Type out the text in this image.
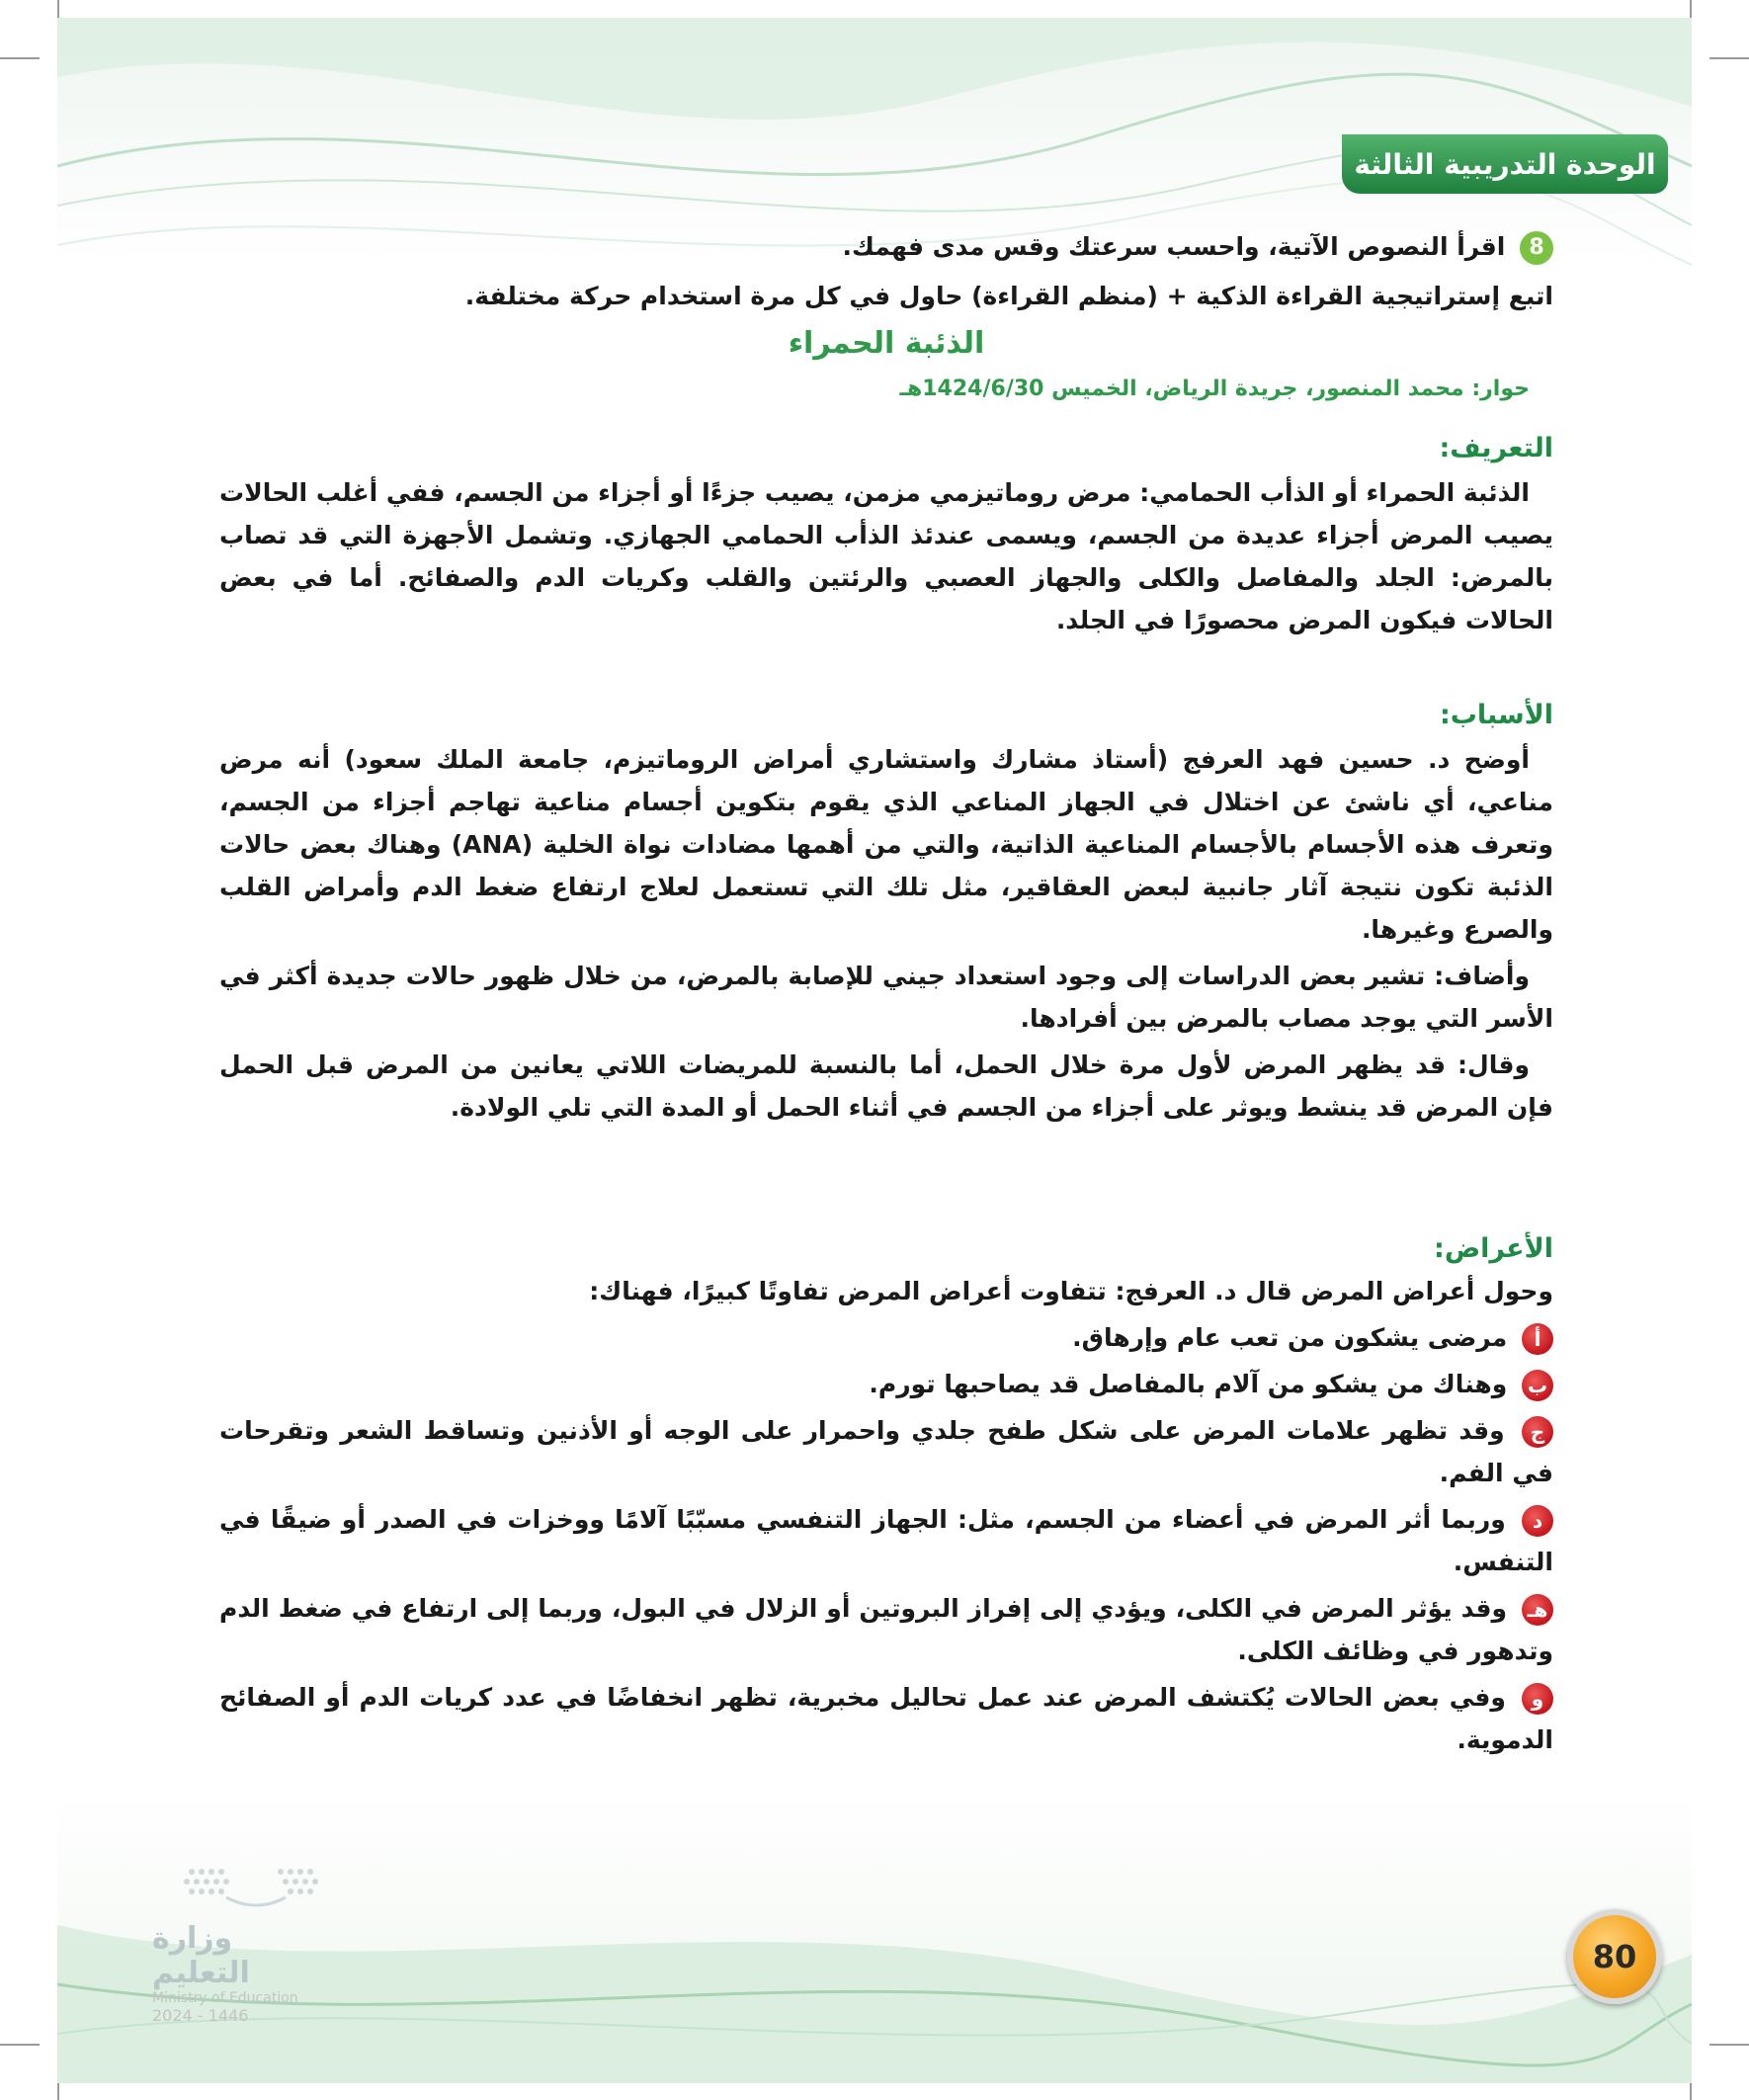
الوحدة التدريبية الثالثة
8 اقرأ النصوص الآتية، واحسب سرعتك وقس مدى فهمك.
اتبع إستراتيجية القراءة الذكية + (منظم القراءة) حاول في كل مرة استخدام حركة مختلفة.
الذئبة الحمراء
حوار: محمد المنصور، جريدة الرياض، الخميس 1424/6/30هـ
التعريف:
الذئبة الحمراء أو الذأب الحمامي: مرض روماتيزمي مزمن، يصيب جزءًا أو أجزاء من الجسم، ففي أغلب الحالات يصيب المرض أجزاء عديدة من الجسم، ويسمى عندئذ الذأب الحمامي الجهازي. وتشمل الأجهزة التي قد تصاب بالمرض: الجلد والمفاصل والكلى والجهاز العصبي والرئتين والقلب وكريات الدم والصفائح. أما في بعض الحالات فيكون المرض محصورًا في الجلد.
الأسباب:
أوضح د. حسين فهد العرفج (أستاذ مشارك واستشاري أمراض الروماتيزم، جامعة الملك سعود) أنه مرض مناعي، أي ناشئ عن اختلال في الجهاز المناعي الذي يقوم بتكوين أجسام مناعية تهاجم أجزاء من الجسم، وتعرف هذه الأجسام بالأجسام المناعية الذاتية، والتي من أهمها مضادات نواة الخلية (ANA) وهناك بعض حالات الذئبة تكون نتيجة آثار جانبية لبعض العقاقير، مثل تلك التي تستعمل لعلاج ارتفاع ضغط الدم وأمراض القلب والصرع وغيرها.
وأضاف: تشير بعض الدراسات إلى وجود استعداد جيني للإصابة بالمرض، من خلال ظهور حالات جديدة أكثر في الأسر التي يوجد مصاب بالمرض بين أفرادها.
وقال: قد يظهر المرض لأول مرة خلال الحمل، أما بالنسبة للمريضات اللاتي يعانين من المرض قبل الحمل فإن المرض قد ينشط ويوثر على أجزاء من الجسم في أثناء الحمل أو المدة التي تلي الولادة.
الأعراض:
وحول أعراض المرض قال د. العرفج: تتفاوت أعراض المرض تفاوتًا كبيرًا، فهناك:
أ مرضى يشكون من تعب عام وإرهاق.
ب وهناك من يشكو من آلام بالمفاصل قد يصاحبها تورم.
ج وقد تظهر علامات المرض على شكل طفح جلدي واحمرار على الوجه أو الأذنين وتساقط الشعر وتقرحات في الفم.
د وربما أثر المرض في أعضاء من الجسم، مثل: الجهاز التنفسي مسبّبًا آلامًا ووخزات في الصدر أو ضيقًا في التنفس.
هـ وقد يؤثر المرض في الكلى، ويؤدي إلى إفراز البروتين أو الزلال في البول، وربما إلى ارتفاع في ضغط الدم وتدهور في وظائف الكلى.
و وفي بعض الحالات يُكتشف المرض عند عمل تحاليل مخبرية، تظهر انخفاضًا في عدد كريات الدم أو الصفائح الدموية.
وزارة التعليم
Ministry of Education
2024 - 1446
80
